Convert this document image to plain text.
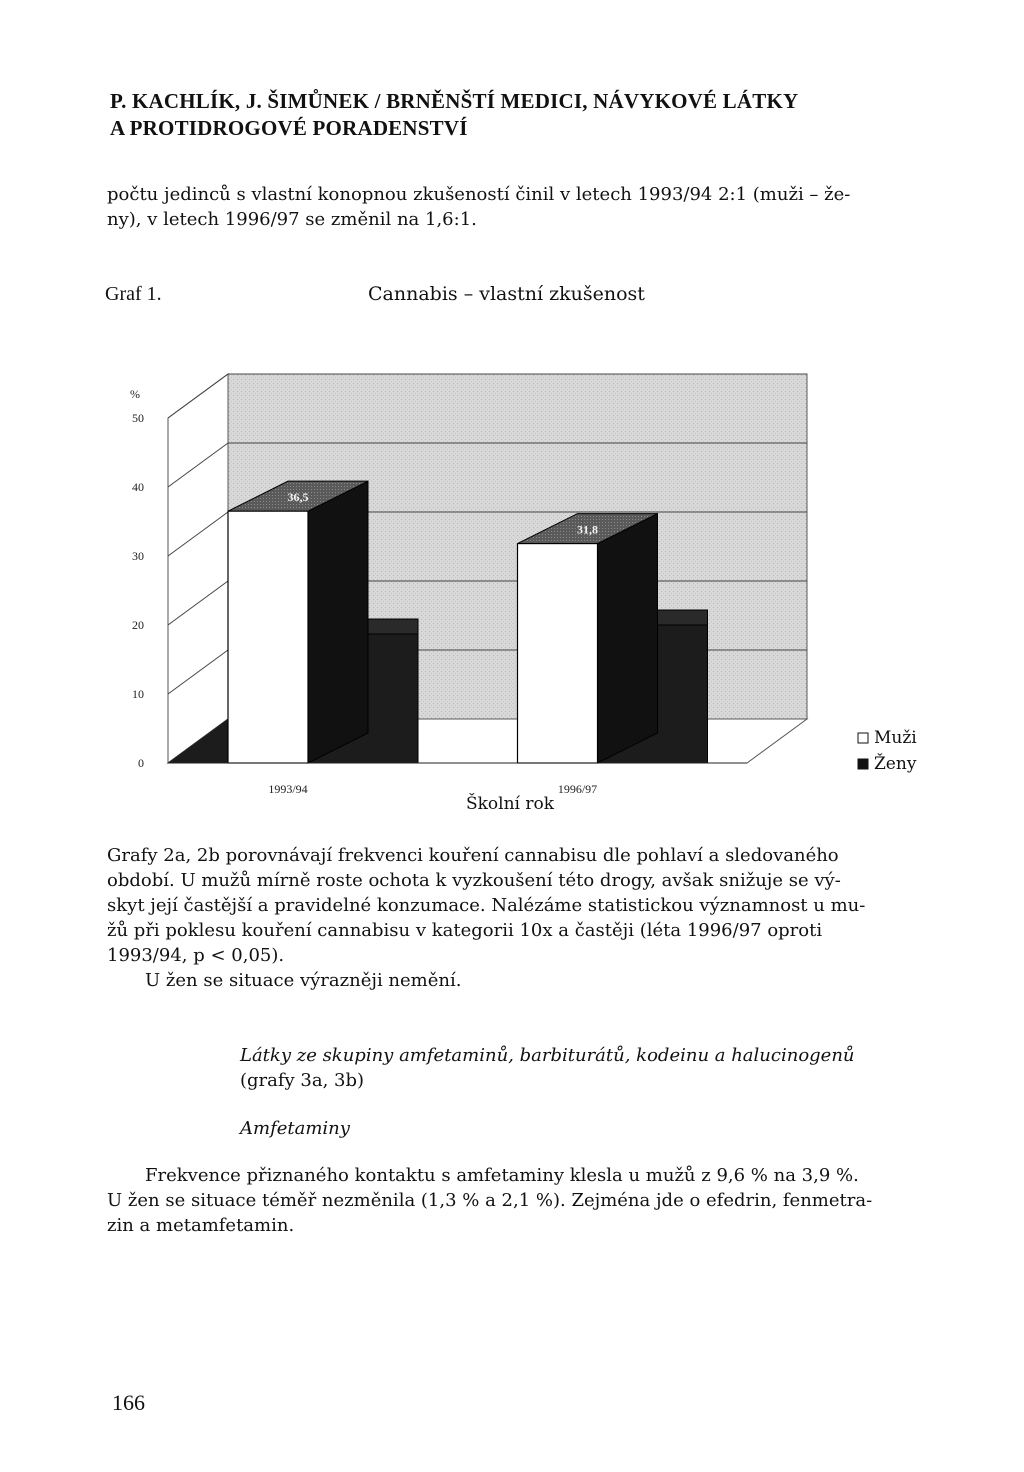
P. KACHLÍK, J. ŠIMŮNEK / BRNĚNŠTÍ MEDICI, NÁVYKOVÉ LÁTKY
A PROTIDROGOVÉ PORADENSTVÍ
počtu jedinců s vlastní konopnou zkušeností činil v letech 1993/94 2:1 (muži – že-
ny), v letech 1996/97 se změnil na 1,6:1.
Graf 1.	Cannabis – vlastní zkušenost
0
10
20
30
40
50
%
36,5
1993/94
31,8
1996/97
Školní rok
Muži
Ženy
Grafy 2a, 2b porovnávají frekvenci kouření cannabisu dle pohlaví a sledovaného
období. U mužů mírně roste ochota k vyzkoušení této drogy, avšak snižuje se vý-
skyt její častější a pravidelné konzumace. Nalézáme statistickou významnost u mu-
žů při poklesu kouření cannabisu v kategorii 10x a častěji (léta 1996/97 oproti
1993/94, p < 0,05).
U žen se situace výrazněji nemění.
Látky ze skupiny amfetaminů, barbiturátů, kodeinu a halucinogenů
(grafy 3a, 3b)
Amfetaminy
Frekvence přiznaného kontaktu s amfetaminy klesla u mužů z 9,6 % na 3,9 %.
U žen se situace téměř nezměnila (1,3 % a 2,1 %). Zejména jde o efedrin, fenmetra-
zin a metamfetamin.
166
